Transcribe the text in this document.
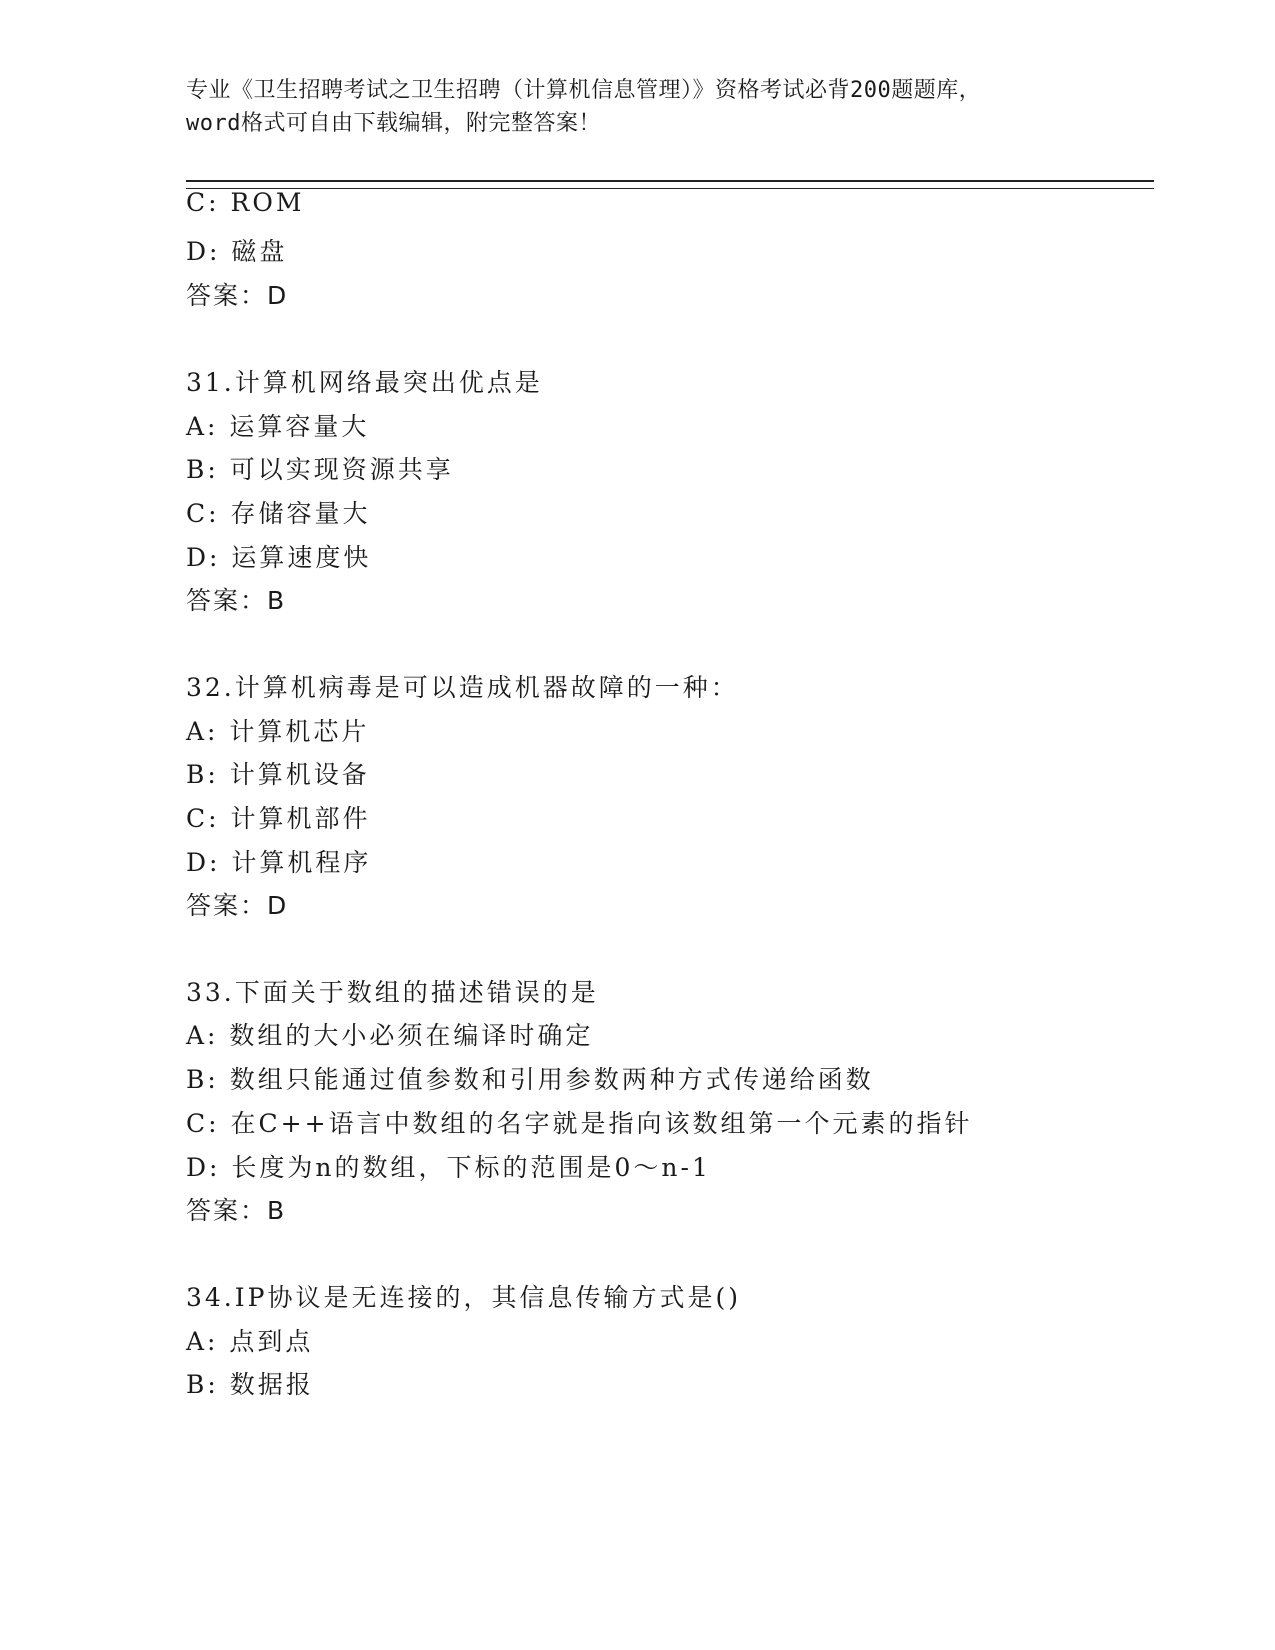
专业《卫生招聘考试之卫生招聘（计算机信息管理）》资格考试必背200题题库，
word格式可自由下载编辑，附完整答案！
C: ROM
D: 磁盘
答案：D
31.计算机网络最突出优点是
A: 运算容量大
B: 可以实现资源共享
C: 存储容量大
D: 运算速度快
答案：B
32.计算机病毒是可以造成机器故障的一种：
A: 计算机芯片
B: 计算机设备
C: 计算机部件
D: 计算机程序
答案：D
33.下面关于数组的描述错误的是
A: 数组的大小必须在编译时确定
B: 数组只能通过值参数和引用参数两种方式传递给函数
C: 在C++语言中数组的名字就是指向该数组第一个元素的指针
D: 长度为n的数组，下标的范围是0～n-1
答案：B
34.IP协议是无连接的，其信息传输方式是()
A: 点到点
B: 数据报
